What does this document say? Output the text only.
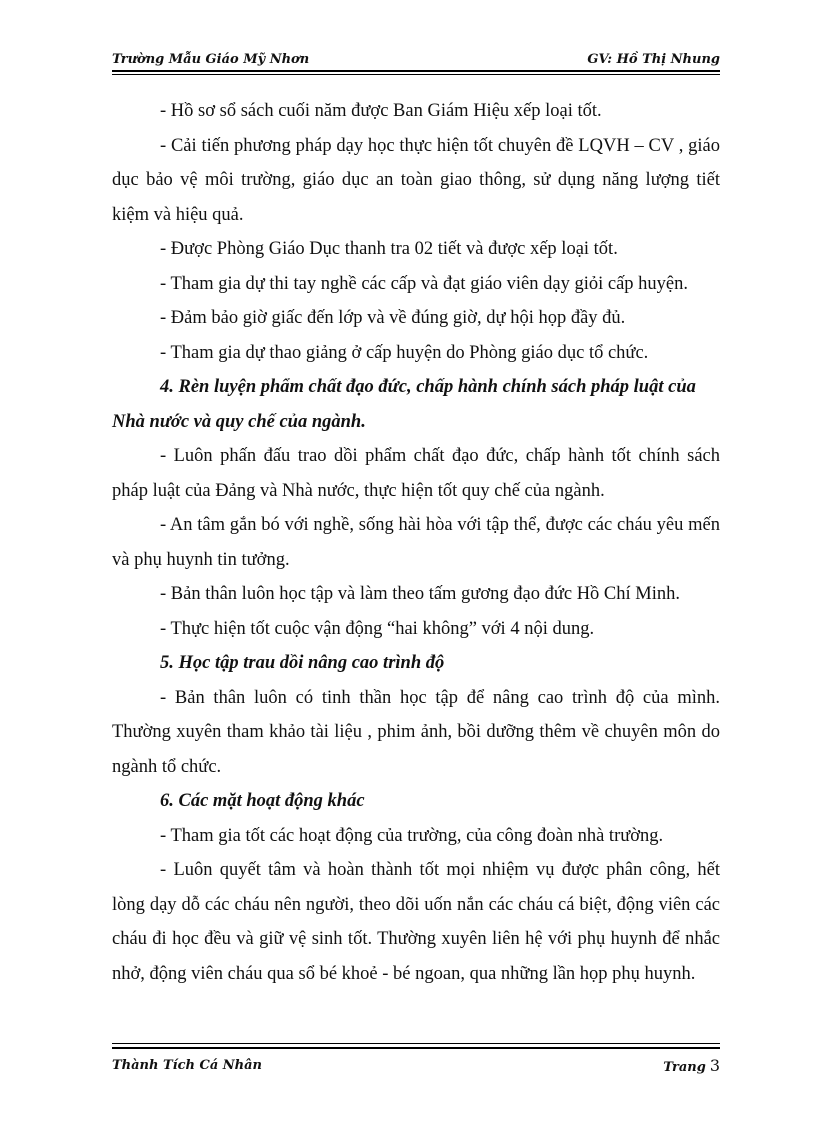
Trường Mẫu Giáo Mỹ Nhơn	GV: Hồ Thị Nhung

- Hồ sơ sổ sách cuối năm được Ban Giám Hiệu xếp loại tốt.

- Cải tiến phương pháp dạy học thực hiện tốt chuyên đề LQVH – CV , giáo dục bảo vệ môi trường, giáo dục an toàn giao thông, sử dụng năng lượng tiết kiệm và hiệu quả.

- Được Phòng Giáo Dục thanh tra 02 tiết và được xếp loại tốt.

- Tham gia dự thi tay nghề các cấp và đạt giáo viên dạy giỏi cấp huyện.

- Đảm bảo giờ giấc đến lớp và về đúng giờ, dự hội họp đầy đủ.

- Tham gia dự thao giảng ở cấp huyện do Phòng giáo dục tổ chức.

4. Rèn luyện phẩm chất đạo đức, chấp hành chính sách pháp luật của Nhà nước và quy chế của ngành.

- Luôn phấn đấu trao dồi phẩm chất đạo đức, chấp hành tốt chính sách pháp luật của Đảng và Nhà nước, thực hiện tốt quy chế của ngành.

- An tâm gắn bó với nghề, sống hài hòa với tập thể, được các cháu yêu mến và phụ huynh tin tưởng.

- Bản thân luôn học tập và làm theo tấm gương đạo đức Hồ Chí Minh.

- Thực hiện tốt cuộc vận động “hai không” với 4 nội dung.

5. Học tập trau dồi nâng cao trình độ

- Bản thân luôn có tinh thần học tập để nâng cao trình độ của mình. Thường xuyên tham khảo tài liệu , phim ảnh, bồi dưỡng thêm về chuyên môn do ngành tổ chức.

6. Các mặt hoạt động khác

- Tham gia tốt các hoạt động của trường, của công đoàn nhà trường.

- Luôn quyết tâm và hoàn thành tốt mọi nhiệm vụ được phân công, hết lòng dạy dỗ các cháu nên người, theo dõi uốn nắn các cháu cá biệt, động viên các cháu đi học đều và giữ vệ sinh tốt. Thường xuyên liên hệ với phụ huynh để nhắc nhở, động viên cháu qua sổ bé khoẻ - bé ngoan, qua những lần họp phụ huynh.

Thành Tích Cá Nhân	Trang 3
